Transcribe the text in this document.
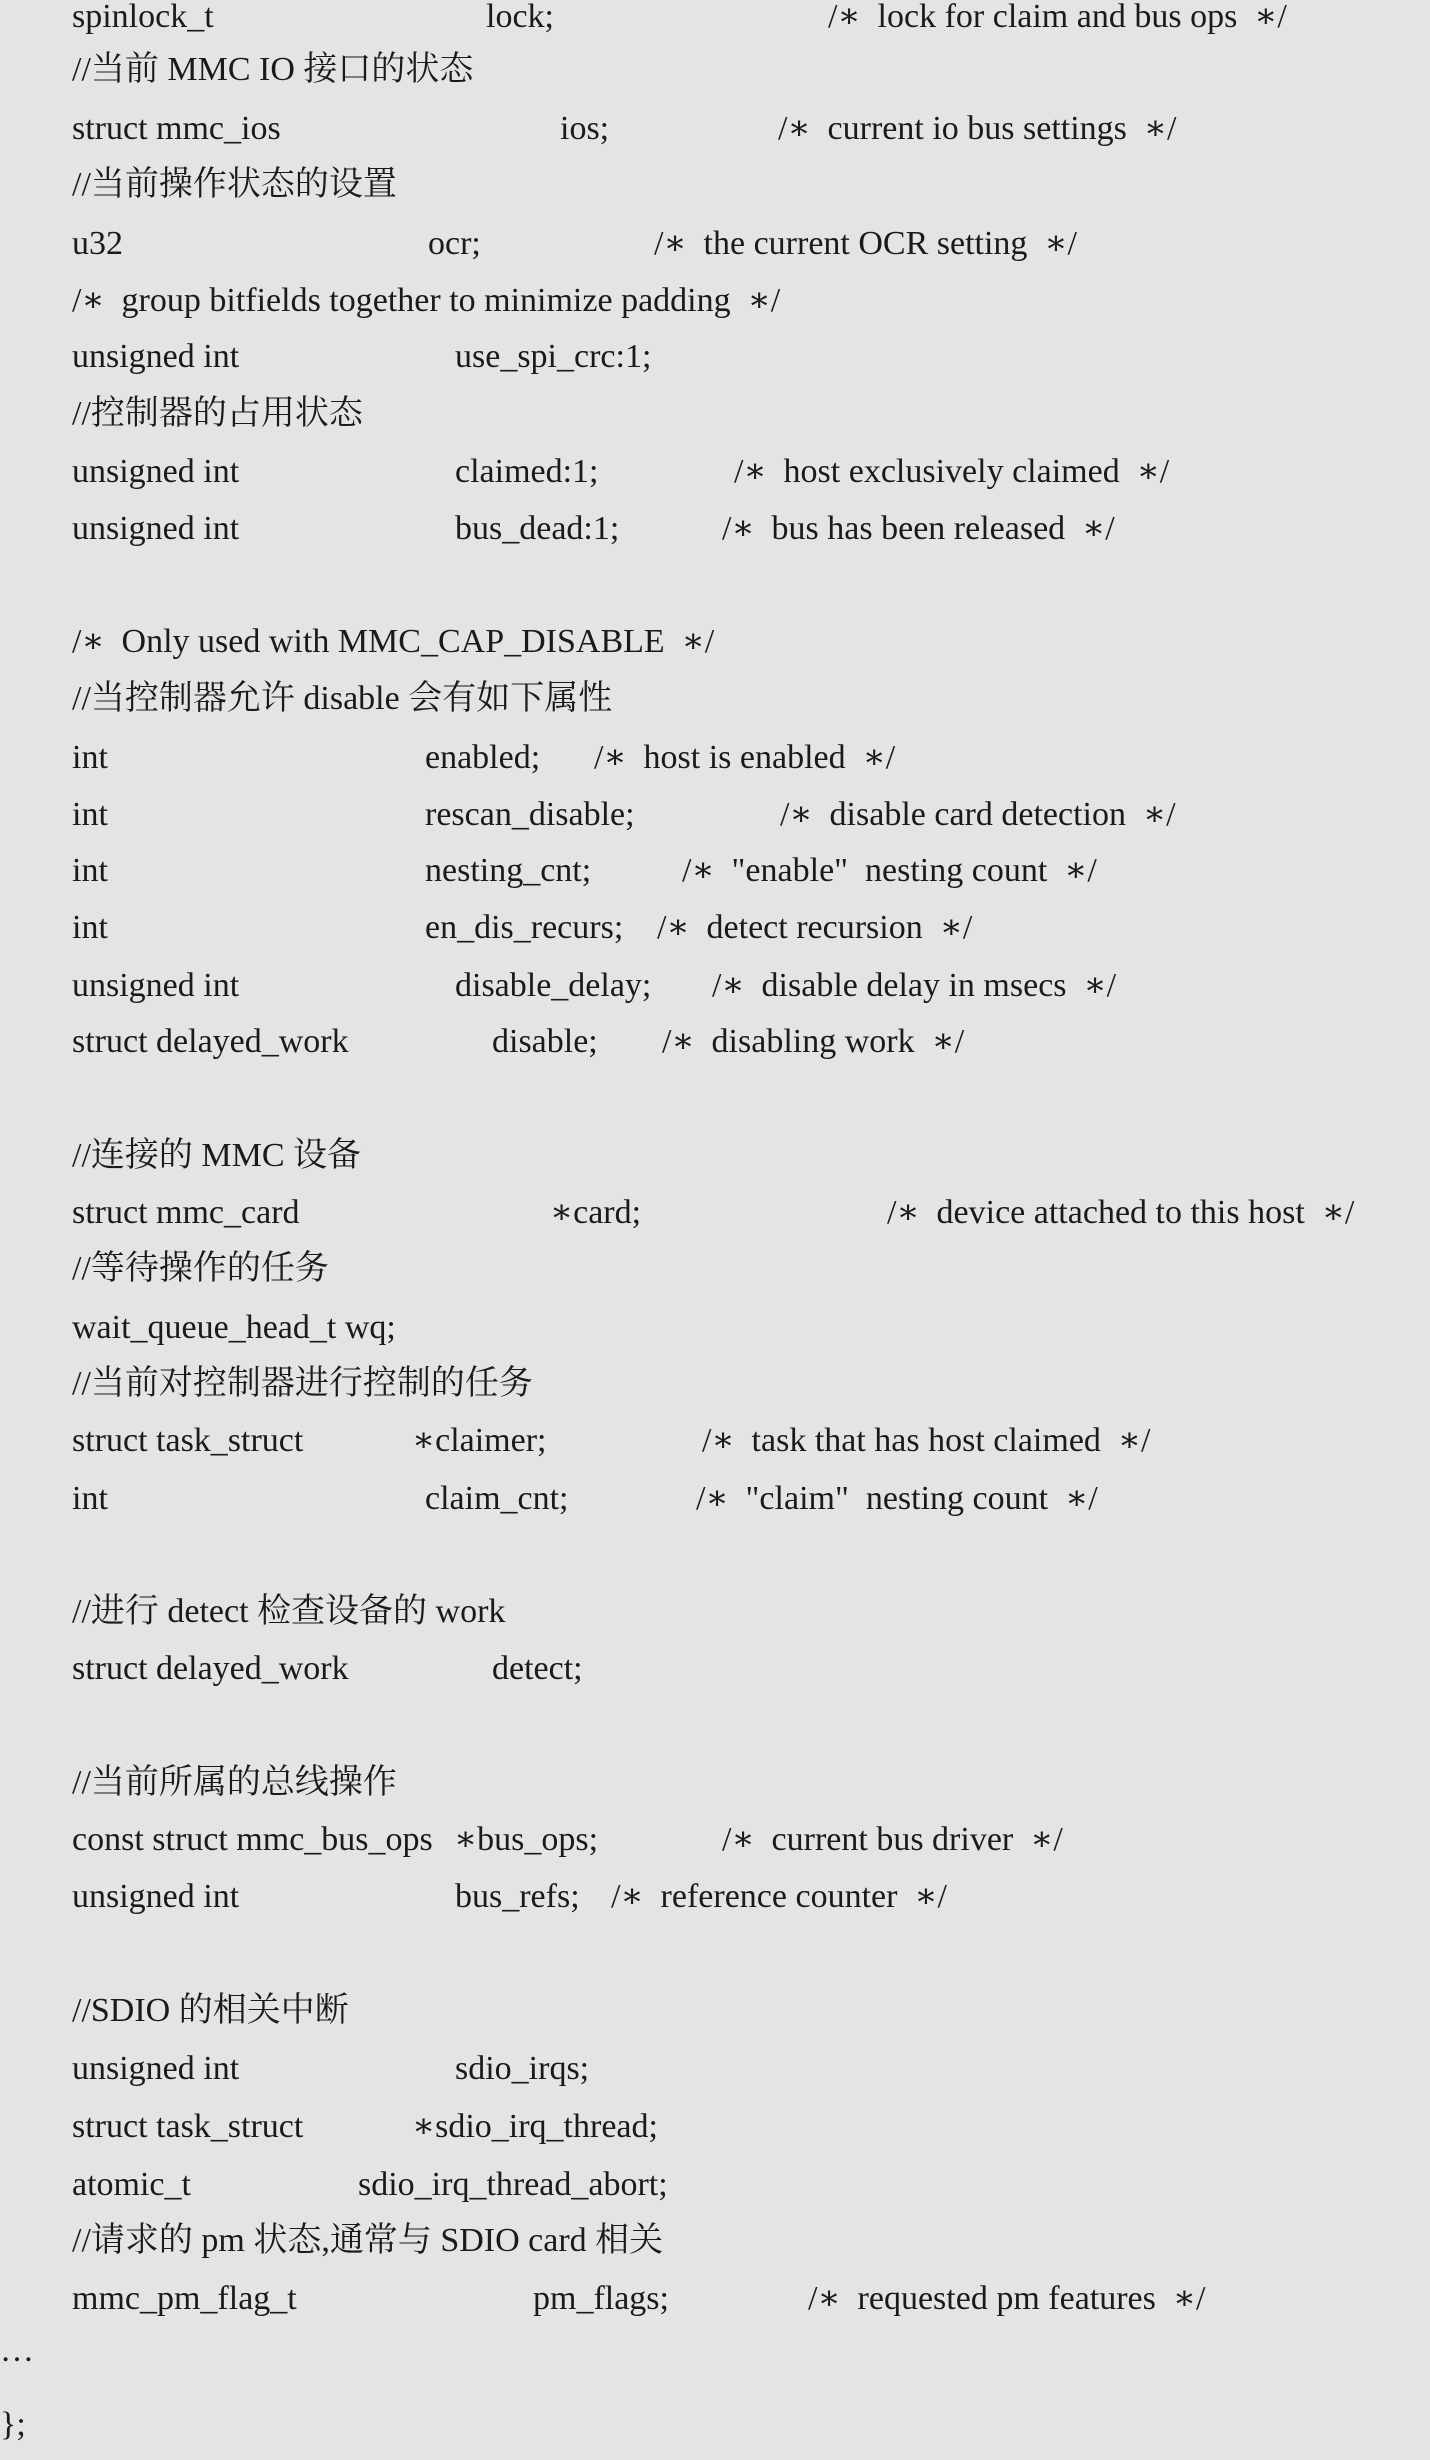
spinlock_t	lock;	/∗  lock for claim and bus ops  ∗/
//当前 MMC IO 接口的状态
struct mmc_ios	ios;	/∗  current io bus settings  ∗/
//当前操作状态的设置
u32	ocr;	/∗  the current OCR setting  ∗/
/∗  group bitfields together to minimize padding  ∗/
unsigned int	use_spi_crc:1;
//控制器的占用状态
unsigned int	claimed:1;	/∗  host exclusively claimed  ∗/
unsigned int	bus_dead:1;	/∗  bus has been released  ∗/
/∗  Only used with MMC_CAP_DISABLE  ∗/
//当控制器允许 disable 会有如下属性
int	enabled; /∗  host is enabled  ∗/
int	rescan_disable;	/∗  disable card detection  ∗/
int	nesting_cnt;	/∗  "enable"  nesting count  ∗/
int	en_dis_recurs; /∗  detect recursion  ∗/
unsigned int	disable_delay; /∗  disable delay in msecs  ∗/
struct delayed_work	disable; /∗  disabling work  ∗/
//连接的 MMC 设备
struct mmc_card	∗card;	/∗  device attached to this host  ∗/
//等待操作的任务
wait_queue_head_t wq;
//当前对控制器进行控制的任务
struct task_struct	∗claimer;	/∗  task that has host claimed  ∗/
int	claim_cnt;	/∗  "claim"  nesting count  ∗/
//进行 detect 检查设备的 work
struct delayed_work	detect;
//当前所属的总线操作
const struct mmc_bus_ops ∗bus_ops;	/∗  current bus driver  ∗/
unsigned int	bus_refs; /∗  reference counter  ∗/
//SDIO 的相关中断
unsigned int	sdio_irqs;
struct task_struct	∗sdio_irq_thread;
atomic_t	sdio_irq_thread_abort;
//请求的 pm 状态,通常与 SDIO card 相关
mmc_pm_flag_t	pm_flags;	/∗  requested pm features  ∗/
…
};
